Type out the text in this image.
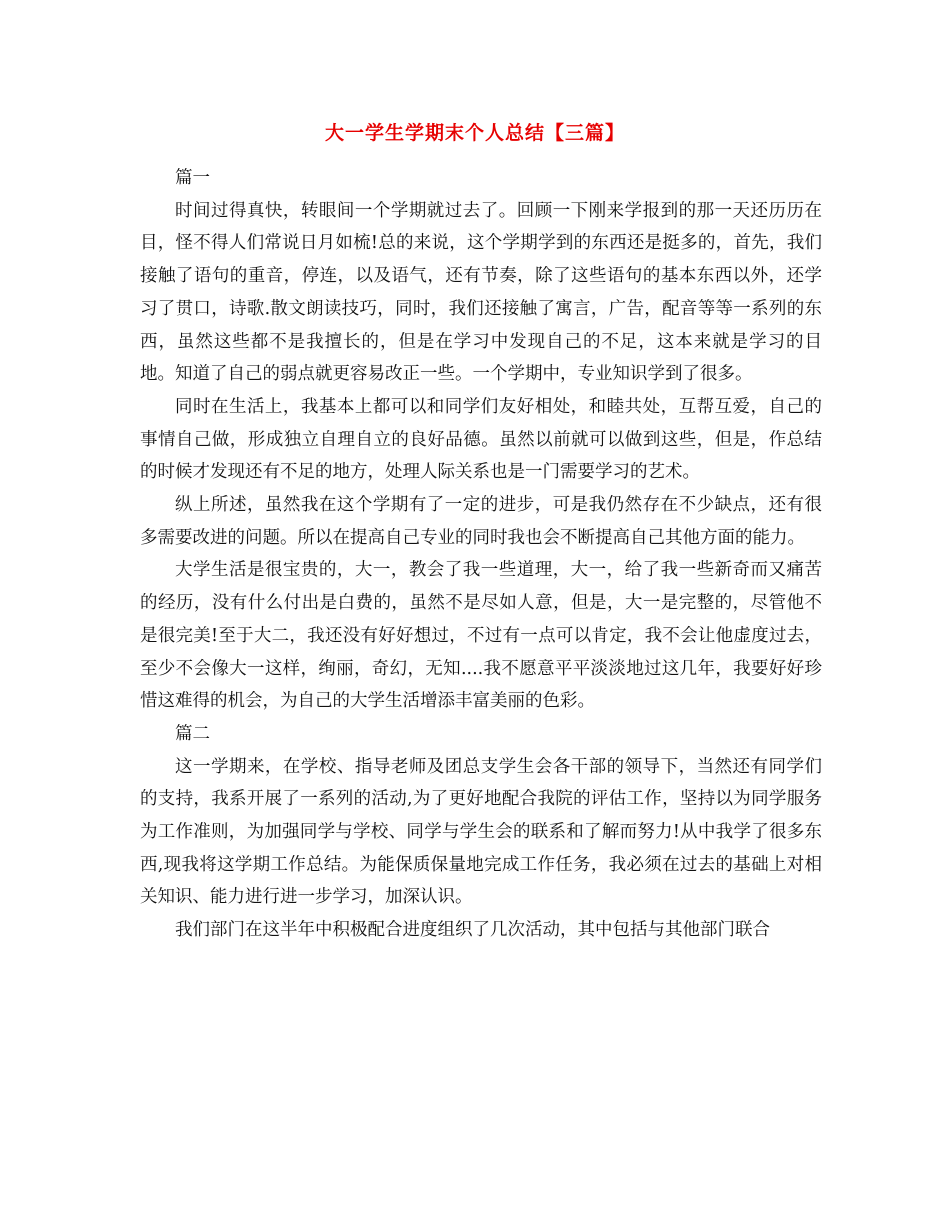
大一学生学期末个人总结【三篇】

篇一

时间过得真快，转眼间一个学期就过去了。回顾一下刚来学报到的那一天还历历在目，怪不得人们常说日月如梳!总的来说，这个学期学到的东西还是挺多的，首先，我们接触了语句的重音，停连，以及语气，还有节奏，除了这些语句的基本东西以外，还学习了贯口，诗歌.散文朗读技巧，同时，我们还接触了寓言，广告，配音等等一系列的东西，虽然这些都不是我擅长的，但是在学习中发现自己的不足，这本来就是学习的目地。知道了自己的弱点就更容易改正一些。一个学期中，专业知识学到了很多。

同时在生活上，我基本上都可以和同学们友好相处，和睦共处，互帮互爱，自己的事情自己做，形成独立自理自立的良好品德。虽然以前就可以做到这些，但是，作总结的时候才发现还有不足的地方，处理人际关系也是一门需要学习的艺术。

纵上所述，虽然我在这个学期有了一定的进步，可是我仍然存在不少缺点，还有很多需要改进的问题。所以在提高自己专业的同时我也会不断提高自己其他方面的能力。

大学生活是很宝贵的，大一，教会了我一些道理，大一，给了我一些新奇而又痛苦的经历，没有什么付出是白费的，虽然不是尽如人意，但是，大一是完整的，尽管他不是很完美!至于大二，我还没有好好想过，不过有一点可以肯定，我不会让他虚度过去，至少不会像大一这样，绚丽，奇幻，无知....我不愿意平平淡淡地过这几年，我要好好珍惜这难得的机会，为自己的大学生活增添丰富美丽的色彩。

篇二

这一学期来，在学校、指导老师及团总支学生会各干部的领导下，当然还有同学们的支持，我系开展了一系列的活动,为了更好地配合我院的评估工作，坚持以为同学服务为工作准则，为加强同学与学校、同学与学生会的联系和了解而努力!从中我学了很多东西,现我将这学期工作总结。为能保质保量地完成工作任务，我必须在过去的基础上对相关知识、能力进行进一步学习，加深认识。

我们部门在这半年中积极配合进度组织了几次活动，其中包括与其他部门联合
